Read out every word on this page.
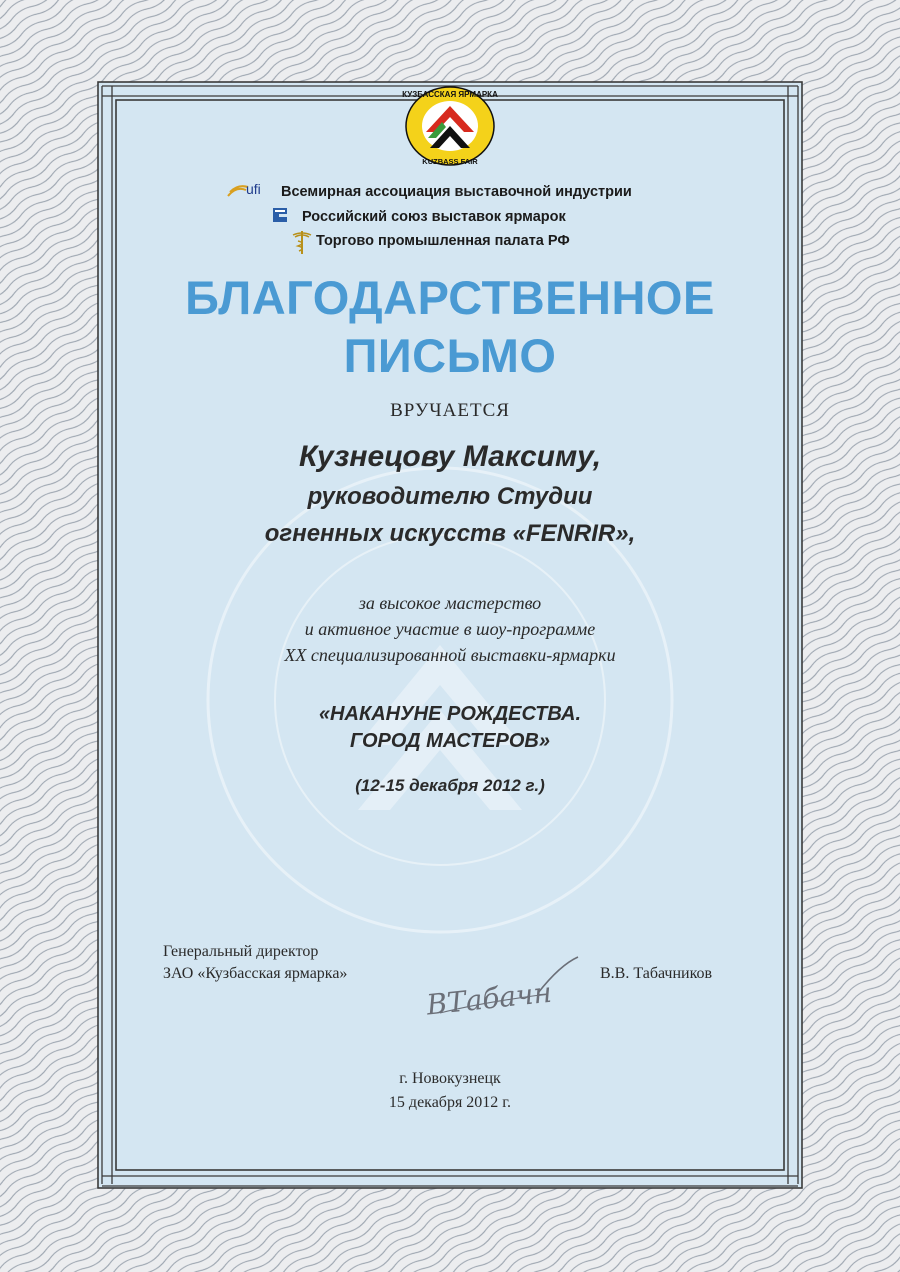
КУЗБАССКАЯ ЯРМАРКА
KUZBASS FAIR
ufi Всемирная ассоциация выставочной индустрии
Российский союз выставок ярмарок
Торгово промышленная палата РФ
БЛАГОДАРСТВЕННОЕ
ПИСЬМО
ВРУЧАЕТСЯ
Кузнецову Максиму,
руководителю Студии
огненных искусств «FENRIR»,
за высокое мастерство
и активное участие в шоу-программе
XX специализированной выставки-ярмарки
«НАКАНУНЕ РОЖДЕСТВА.
ГОРОД МАСТЕРОВ»
(12-15 декабря 2012 г.)
Генеральный директор
ЗАО «Кузбасская ярмарка»
ВТабачн
В.В. Табачников
г. Новокузнецк
15 декабря 2012 г.
